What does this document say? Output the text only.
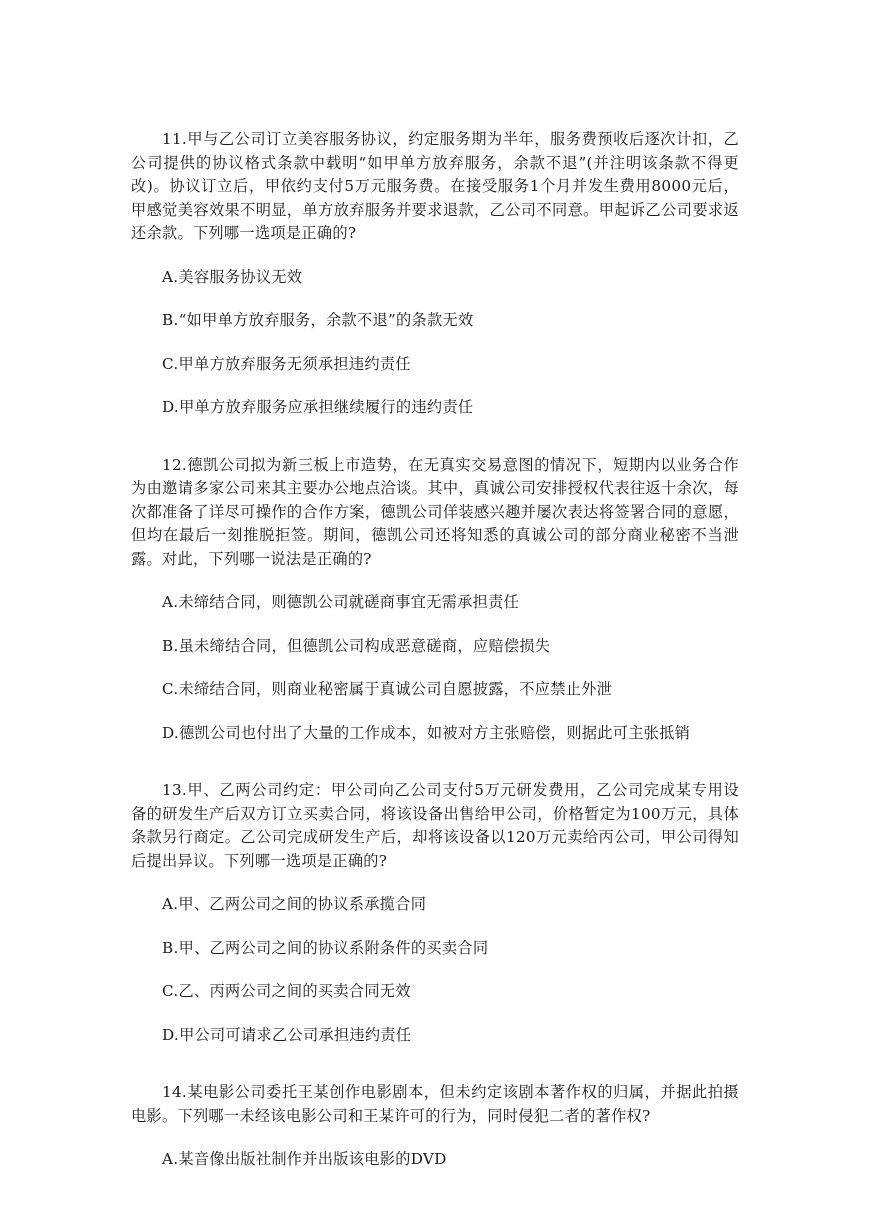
11.甲与乙公司订立美容服务协议，约定服务期为半年，服务费预收后逐次计扣，乙公司提供的协议格式条款中载明“如甲单方放弃服务，余款不退”(并注明该条款不得更改)。协议订立后，甲依约支付5万元服务费。在接受服务1个月并发生费用8000元后，甲感觉美容效果不明显，单方放弃服务并要求退款，乙公司不同意。甲起诉乙公司要求返还余款。下列哪一选项是正确的?

A.美容服务协议无效
B.“如甲单方放弃服务，余款不退”的条款无效
C.甲单方放弃服务无须承担违约责任
D.甲单方放弃服务应承担继续履行的违约责任

12.德凯公司拟为新三板上市造势，在无真实交易意图的情况下，短期内以业务合作为由邀请多家公司来其主要办公地点洽谈。其中，真诚公司安排授权代表往返十余次，每次都准备了详尽可操作的合作方案，德凯公司佯装感兴趣并屡次表达将签署合同的意愿，但均在最后一刻推脱拒签。期间，德凯公司还将知悉的真诚公司的部分商业秘密不当泄露。对此，下列哪一说法是正确的?

A.未缔结合同，则德凯公司就磋商事宜无需承担责任
B.虽未缔结合同，但德凯公司构成恶意磋商，应赔偿损失
C.未缔结合同，则商业秘密属于真诚公司自愿披露，不应禁止外泄
D.德凯公司也付出了大量的工作成本，如被对方主张赔偿，则据此可主张抵销

13.甲、乙两公司约定：甲公司向乙公司支付5万元研发费用，乙公司完成某专用设备的研发生产后双方订立买卖合同，将该设备出售给甲公司，价格暂定为100万元，具体条款另行商定。乙公司完成研发生产后，却将该设备以120万元卖给丙公司，甲公司得知后提出异议。下列哪一选项是正确的?

A.甲、乙两公司之间的协议系承揽合同
B.甲、乙两公司之间的协议系附条件的买卖合同
C.乙、丙两公司之间的买卖合同无效
D.甲公司可请求乙公司承担违约责任

14.某电影公司委托王某创作电影剧本，但未约定该剧本著作权的归属，并据此拍摄电影。下列哪一未经该电影公司和王某许可的行为，同时侵犯二者的著作权?

A.某音像出版社制作并出版该电影的DVD
